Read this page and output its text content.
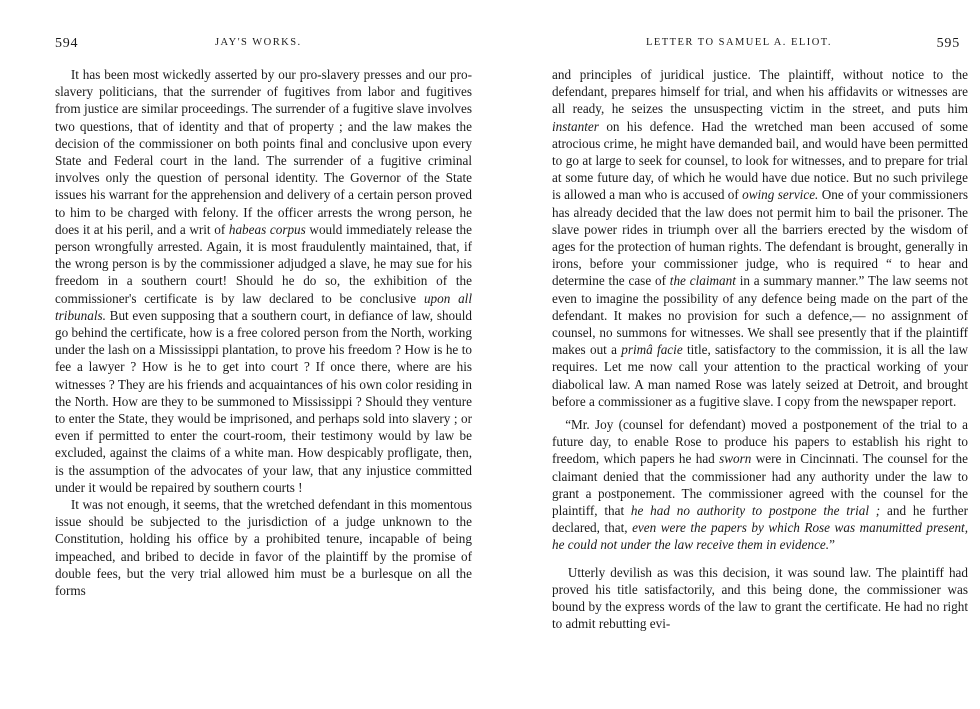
594	JAY'S WORKS.

It has been most wickedly asserted by our pro-slavery presses and our pro-slavery politicians, that the surrender of fugitives from labor and fugitives from justice are similar proceedings. The surrender of a fugitive slave involves two questions, that of identity and that of property ; and the law makes the decision of the commissioner on both points final and conclusive upon every State and Federal court in the land. The surrender of a fugitive criminal involves only the question of personal identity. The Governor of the State issues his warrant for the apprehension and delivery of a certain person proved to him to be charged with felony. If the officer arrests the wrong person, he does it at his peril, and a writ of habeas corpus would immediately release the person wrongfully arrested. Again, it is most fraudulently maintained, that, if the wrong person is by the commissioner adjudged a slave, he may sue for his freedom in a southern court! Should he do so, the exhibition of the commissioner's certificate is by law declared to be conclusive upon all tribunals. But even supposing that a southern court, in defiance of law, should go behind the certificate, how is a free colored person from the North, working under the lash on a Mississippi plantation, to prove his freedom ? How is he to fee a lawyer ? How is he to get into court ? If once there, where are his witnesses ? They are his friends and acquaintances of his own color residing in the North. How are they to be summoned to Mississippi ? Should they venture to enter the State, they would be imprisoned, and perhaps sold into slavery ; or even if permitted to enter the court-room, their testimony would by law be excluded, against the claims of a white man. How despicably profligate, then, is the assumption of the advocates of your law, that any injustice committed under it would be repaired by southern courts !

It was not enough, it seems, that the wretched defendant in this momentous issue should be subjected to the jurisdiction of a judge unknown to the Constitution, holding his office by a prohibited tenure, incapable of being impeached, and bribed to decide in favor of the plaintiff by the promise of double fees, but the very trial allowed him must be a burlesque on all the forms

LETTER TO SAMUEL A. ELIOT.	595

and principles of juridical justice. The plaintiff, without notice to the defendant, prepares himself for trial, and when his affidavits or witnesses are all ready, he seizes the unsuspecting victim in the street, and puts him instanter on his defence. Had the wretched man been accused of some atrocious crime, he might have demanded bail, and would have been permitted to go at large to seek for counsel, to look for witnesses, and to prepare for trial at some future day, of which he would have due notice. But no such privilege is allowed a man who is accused of owing service. One of your commissioners has already decided that the law does not permit him to bail the prisoner. The slave power rides in triumph over all the barriers erected by the wisdom of ages for the protection of human rights. The defendant is brought, generally in irons, before your commissioner judge, who is required “ to hear and determine the case of the claimant in a summary manner.” The law seems not even to imagine the possibility of any defence being made on the part of the defendant. It makes no provision for such a defence,— no assignment of counsel, no summons for witnesses. We shall see presently that if the plaintiff makes out a primâ facie title, satisfactory to the commission, it is all the law requires. Let me now call your attention to the practical working of your diabolical law. A man named Rose was lately seized at Detroit, and brought before a commissioner as a fugitive slave. I copy from the newspaper report.

“Mr. Joy (counsel for defendant) moved a postponement of the trial to a future day, to enable Rose to produce his papers to establish his right to freedom, which papers he had sworn were in Cincinnati. The counsel for the claimant denied that the commissioner had any authority under the law to grant a postponement. The commissioner agreed with the counsel for the plaintiff, that he had no authority to postpone the trial ; and he further declared, that, even were the papers by which Rose was manumitted present, he could not under the law receive them in evidence.”

Utterly devilish as was this decision, it was sound law. The plaintiff had proved his title satisfactorily, and this being done, the commissioner was bound by the express words of the law to grant the certificate. He had no right to admit rebutting evi-
